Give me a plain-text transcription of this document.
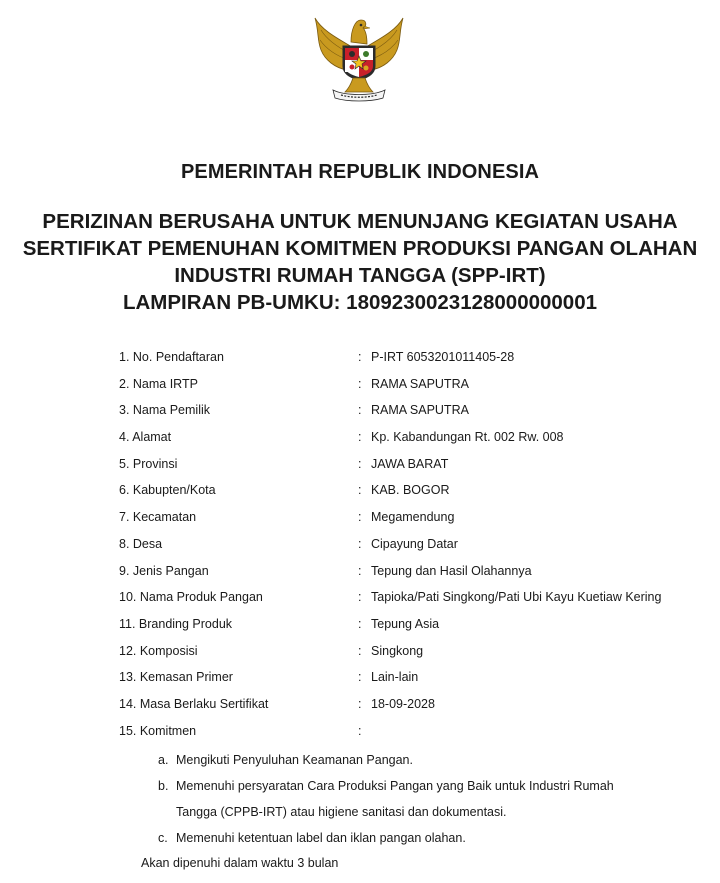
PEMERINTAH REPUBLIK INDONESIA
PERIZINAN BERUSAHA UNTUK MENUNJANG KEGIATAN USAHA
SERTIFIKAT PEMENUHAN KOMITMEN PRODUKSI PANGAN OLAHAN
INDUSTRI RUMAH TANGGA (SPP-IRT)
LAMPIRAN PB-UMKU: 1809230023128000000001
1. No. Pendaftaran	: P-IRT 6053201011405-28
2. Nama IRTP	: RAMA SAPUTRA
3. Nama Pemilik	: RAMA SAPUTRA
4. Alamat	: Kp. Kabandungan Rt. 002 Rw. 008
5. Provinsi	: JAWA BARAT
6. Kabupten/Kota	: KAB. BOGOR
7. Kecamatan	: Megamendung
8. Desa	: Cipayung Datar
9. Jenis Pangan	: Tepung dan Hasil Olahannya
10. Nama Produk Pangan	: Tapioka/Pati Singkong/Pati Ubi Kayu Kuetiaw Kering
11. Branding Produk	: Tepung Asia
12. Komposisi	: Singkong
13. Kemasan Primer	: Lain-lain
14. Masa Berlaku Sertifikat	: 18-09-2028
15. Komitmen	:
a. Mengikuti Penyuluhan Keamanan Pangan.
b. Memenuhi persyaratan Cara Produksi Pangan yang Baik untuk Industri Rumah
Tangga (CPPB-IRT) atau higiene sanitasi dan dokumentasi.
c. Memenuhi ketentuan label dan iklan pangan olahan.
Akan dipenuhi dalam waktu 3 bulan
